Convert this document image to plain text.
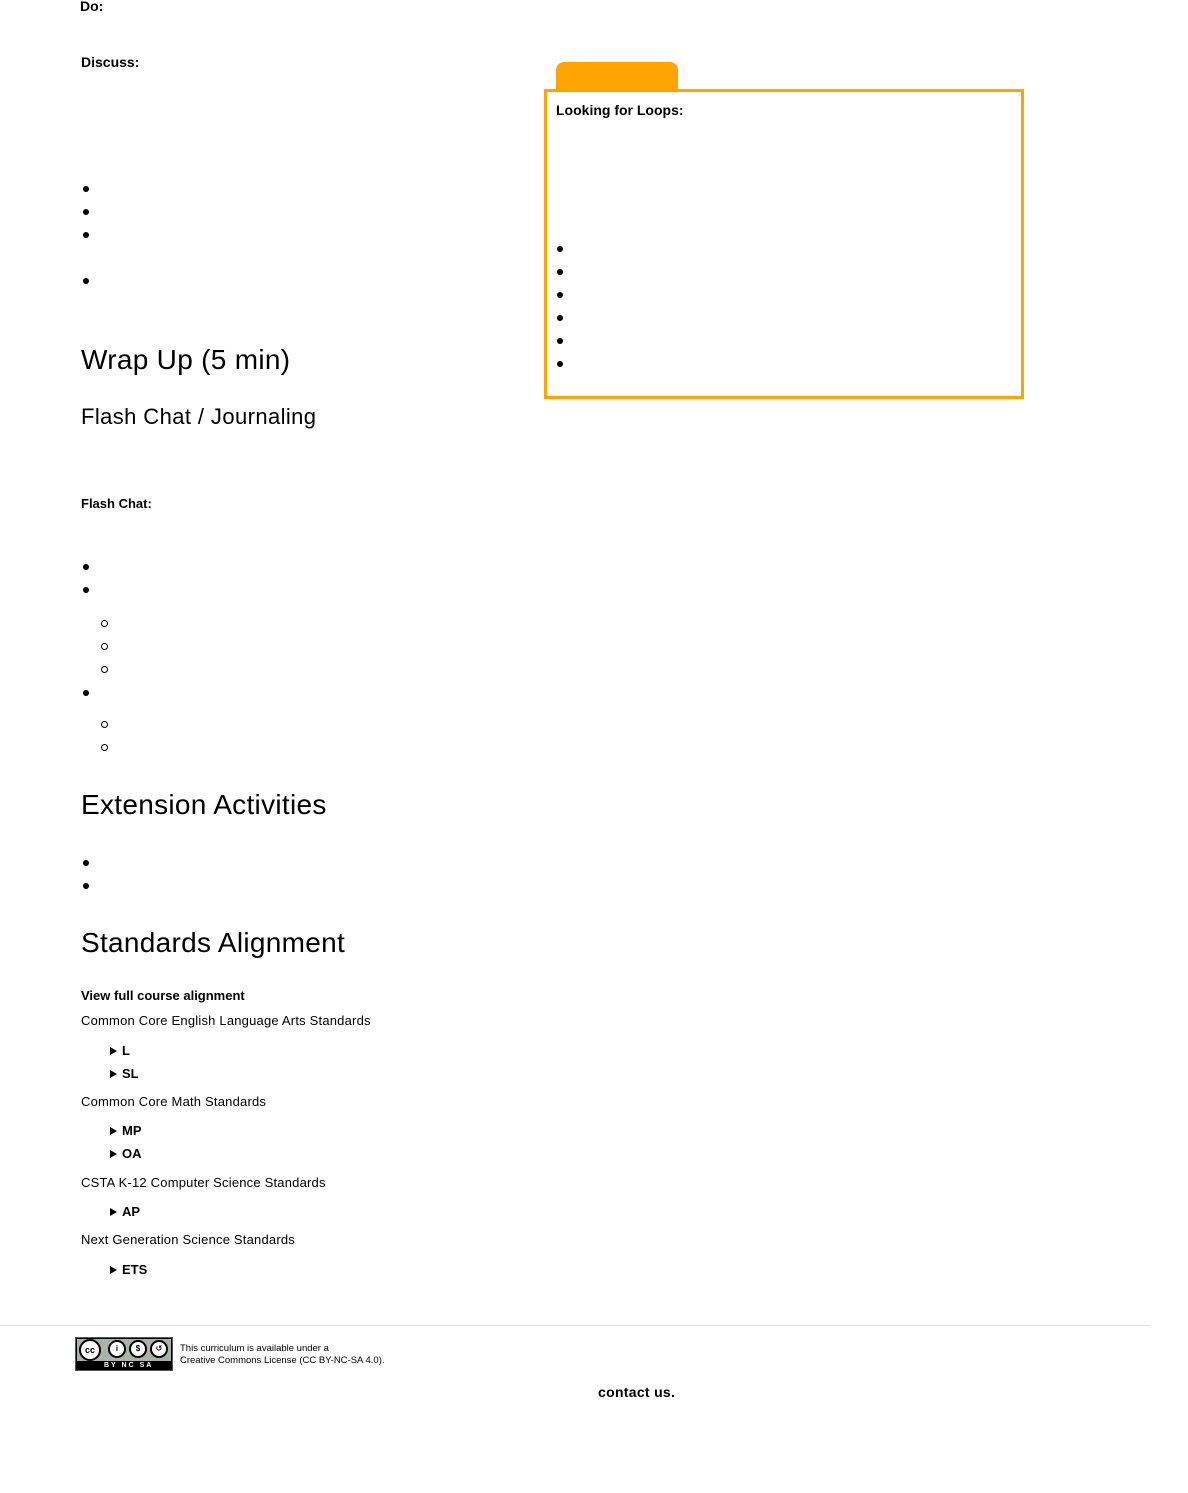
Do:
Discuss:
Looking for Loops:
Wrap Up (5 min)
Flash Chat / Journaling
Flash Chat:
Extension Activities
Standards Alignment
View full course alignment
Common Core English Language Arts Standards
L
SL
Common Core Math Standards
MP
OA
CSTA K-12 Computer Science Standards
AP
Next Generation Science Standards
ETS
cc	i	$	↺
BY NC SA
This curriculum is available under a
Creative Commons License (CC BY-NC-SA 4.0).
contact us.
